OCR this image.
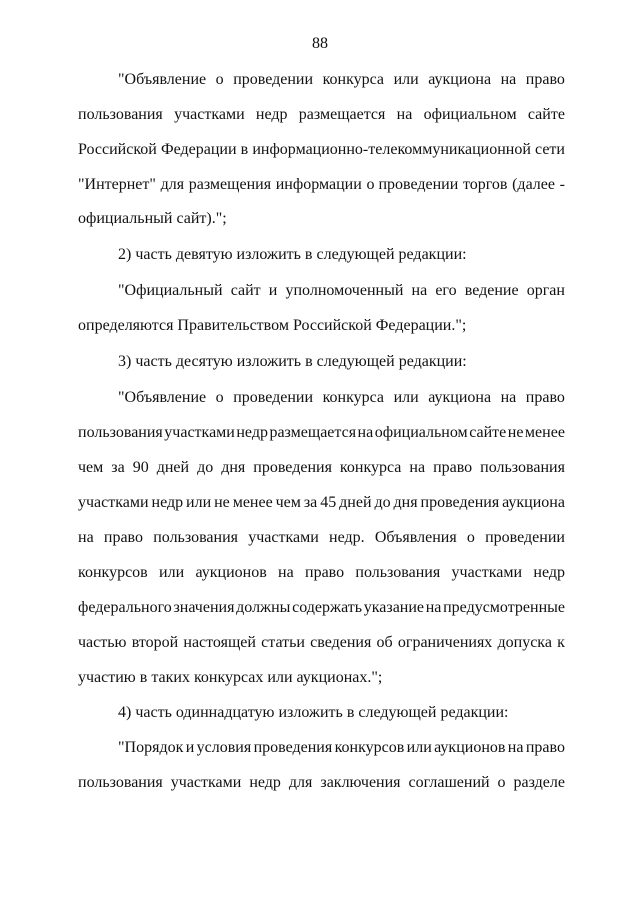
88
"Объявление о проведении конкурса или аукциона на право
пользования участками недр размещается на официальном сайте
Российской Федерации в информационно-телекоммуникационной сети
"Интернет" для размещения информации о проведении торгов (далее -
официальный сайт).";
2) часть девятую изложить в следующей редакции:
"Официальный сайт и уполномоченный на его ведение орган
определяются Правительством Российской Федерации.";
3) часть десятую изложить в следующей редакции:
"Объявление о проведении конкурса или аукциона на право
пользования участками недр размещается на официальном сайте не менее
чем за 90 дней до дня проведения конкурса на право пользования
участками недр или не менее чем за 45 дней до дня проведения аукциона
на право пользования участками недр. Объявления о проведении
конкурсов или аукционов на право пользования участками недр
федерального значения должны содержать указание на предусмотренные
частью второй настоящей статьи сведения об ограничениях допуска к
участию в таких конкурсах или аукционах.";
4) часть одиннадцатую изложить в следующей редакции:
"Порядок и условия проведения конкурсов или аукционов на право
пользования участками недр для заключения соглашений о разделе
